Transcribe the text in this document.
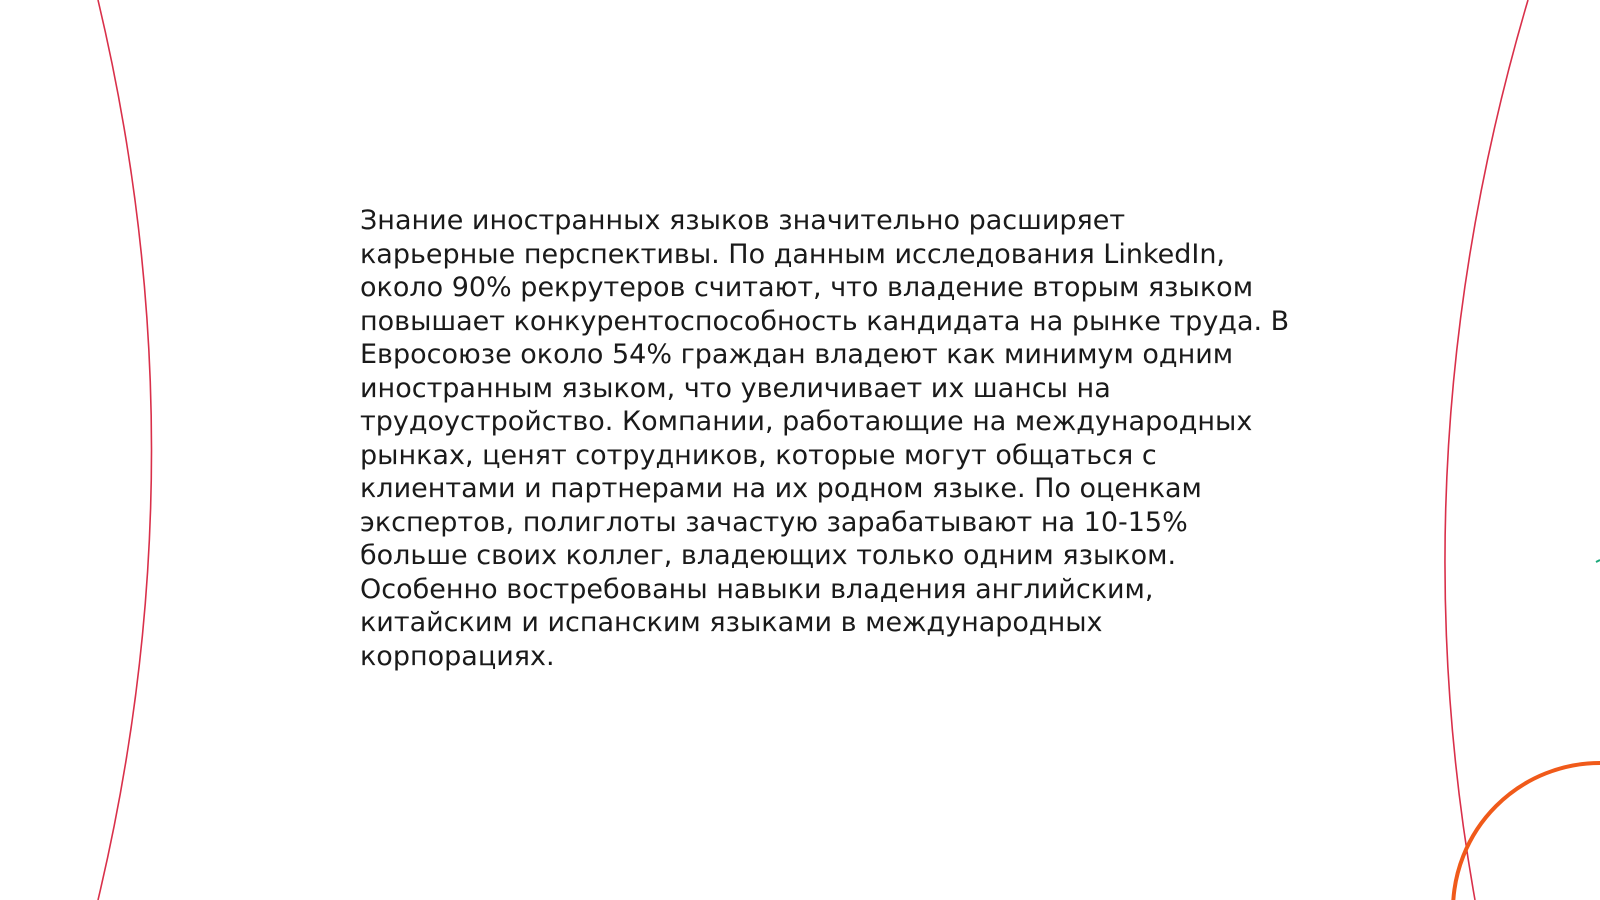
Знание иностранных языков значительно расширяет
карьерные перспективы. По данным исследования LinkedIn,
около 90% рекрутеров считают, что владение вторым языком
повышает конкурентоспособность кандидата на рынке труда. В
Евросоюзе около 54% граждан владеют как минимум одним
иностранным языком, что увеличивает их шансы на
трудоустройство. Компании, работающие на международных
рынках, ценят сотрудников, которые могут общаться с
клиентами и партнерами на их родном языке. По оценкам
экспертов, полиглоты зачастую зарабатывают на 10-15%
больше своих коллег, владеющих только одним языком.
Особенно востребованы навыки владения английским,
китайским и испанским языками в международных
корпорациях.
